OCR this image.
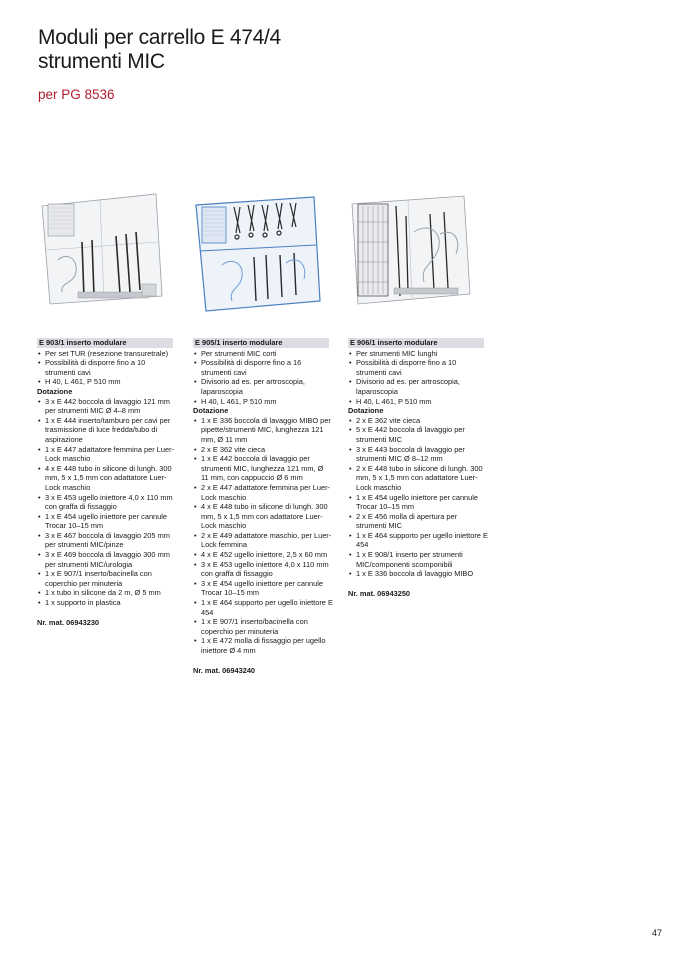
Moduli per carrello E 474/4
strumenti MIC
per PG 8536
E 903/1 inserto modulare
• Per set TUR (resezione transuretrale)
• Possibilità di disporre fino a 10 strumenti cavi
• H 40, L 461, P 510 mm
Dotazione
• 3 x E 442 boccola di lavaggio 121 mm per strumenti MIC Ø 4–8 mm
• 1 x E 444 inserto/tamburo per cavi per trasmissione di luce fredda/tubo di aspirazione
• 1 x E 447 adattatore femmina per Luer-Lock maschio
• 4 x E 448 tubo in silicone di lungh. 300 mm, 5 x 1,5 mm con adattatore Luer-Lock maschio
• 3 x E 453 ugello iniettore 4,0 x 110 mm con graffa di fissaggio
• 1 x E 454 ugello iniettore per cannule Trocar 10–15 mm
• 3 x E 467 boccola di lavaggio 205 mm per strumenti MIC/pinze
• 3 x E 469 boccola di lavaggio 300 mm per strumenti MIC/urologia
• 1 x E 907/1 inserto/bacinella con coperchio per minuteria
• 1 x tubo in silicone da 2 m, Ø 5 mm
• 1 x supporto in plastica
Nr. mat. 06943230
E 905/1 inserto modulare
• Per strumenti MIC corti
• Possibilità di disporre fino a 16 strumenti cavi
• Divisorio ad es. per artroscopia, laparoscopia
• H 40, L 461, P 510 mm
Dotazione
• 1 x E 336 boccola di lavaggio MIBO per pipette/strumenti MIC, lunghezza 121 mm, Ø 11 mm
• 2 x E 362 vite cieca
• 1 x E 442 boccola di lavaggio per strumenti MIC, lunghezza 121 mm, Ø 11 mm, con cappuccio Ø 6 mm
• 2 x E 447 adattatore femmina per Luer-Lock maschio
• 4 x E 448 tubo in silicone di lungh. 300 mm, 5 x 1,5 mm con adattatore Luer-Lock maschio
• 2 x E 449 adattatore maschio, per Luer-Lock femmina
• 4 x E 452 ugello iniettore, 2,5 x 60 mm
• 3 x E 453 ugello iniettore 4,0 x 110 mm con graffa di fissaggio
• 3 x E 454 ugello iniettore per cannule Trocar 10–15 mm
• 1 x E 464 supporto per ugello iniettore E 454
• 1 x E 907/1 inserto/bacinella con coperchio per minuteria
• 1 x E 472 molla di fissaggio per ugello iniettore Ø 4 mm
Nr. mat. 06943240
E 906/1 inserto modulare
• Per strumenti MIC lunghi
• Possibilità di disporre fino a 10 strumenti cavi
• Divisorio ad es. per artroscopia, laparoscopia
• H 40, L 461, P 510 mm
Dotazione
• 2 x E 362 vite cieca
• 5 x E 442 boccola di lavaggio per strumenti MIC
• 3 x E 443 boccola di lavaggio per strumenti MIC Ø 8–12 mm
• 2 x E 448 tubo in silicone di lungh. 300 mm, 5 x 1,5 mm con adattatore Luer-Lock maschio
• 1 x E 454 ugello iniettore per cannule Trocar 10–15 mm
• 2 x E 456 molla di apertura per strumenti MIC
• 1 x E 464 supporto per ugello iniettore E 454
• 1 x E 908/1 inserto per strumenti MIC/componenti scomponibili
• 1 x E 336 boccola di lavaggio MIBO
Nr. mat. 06943250
47
